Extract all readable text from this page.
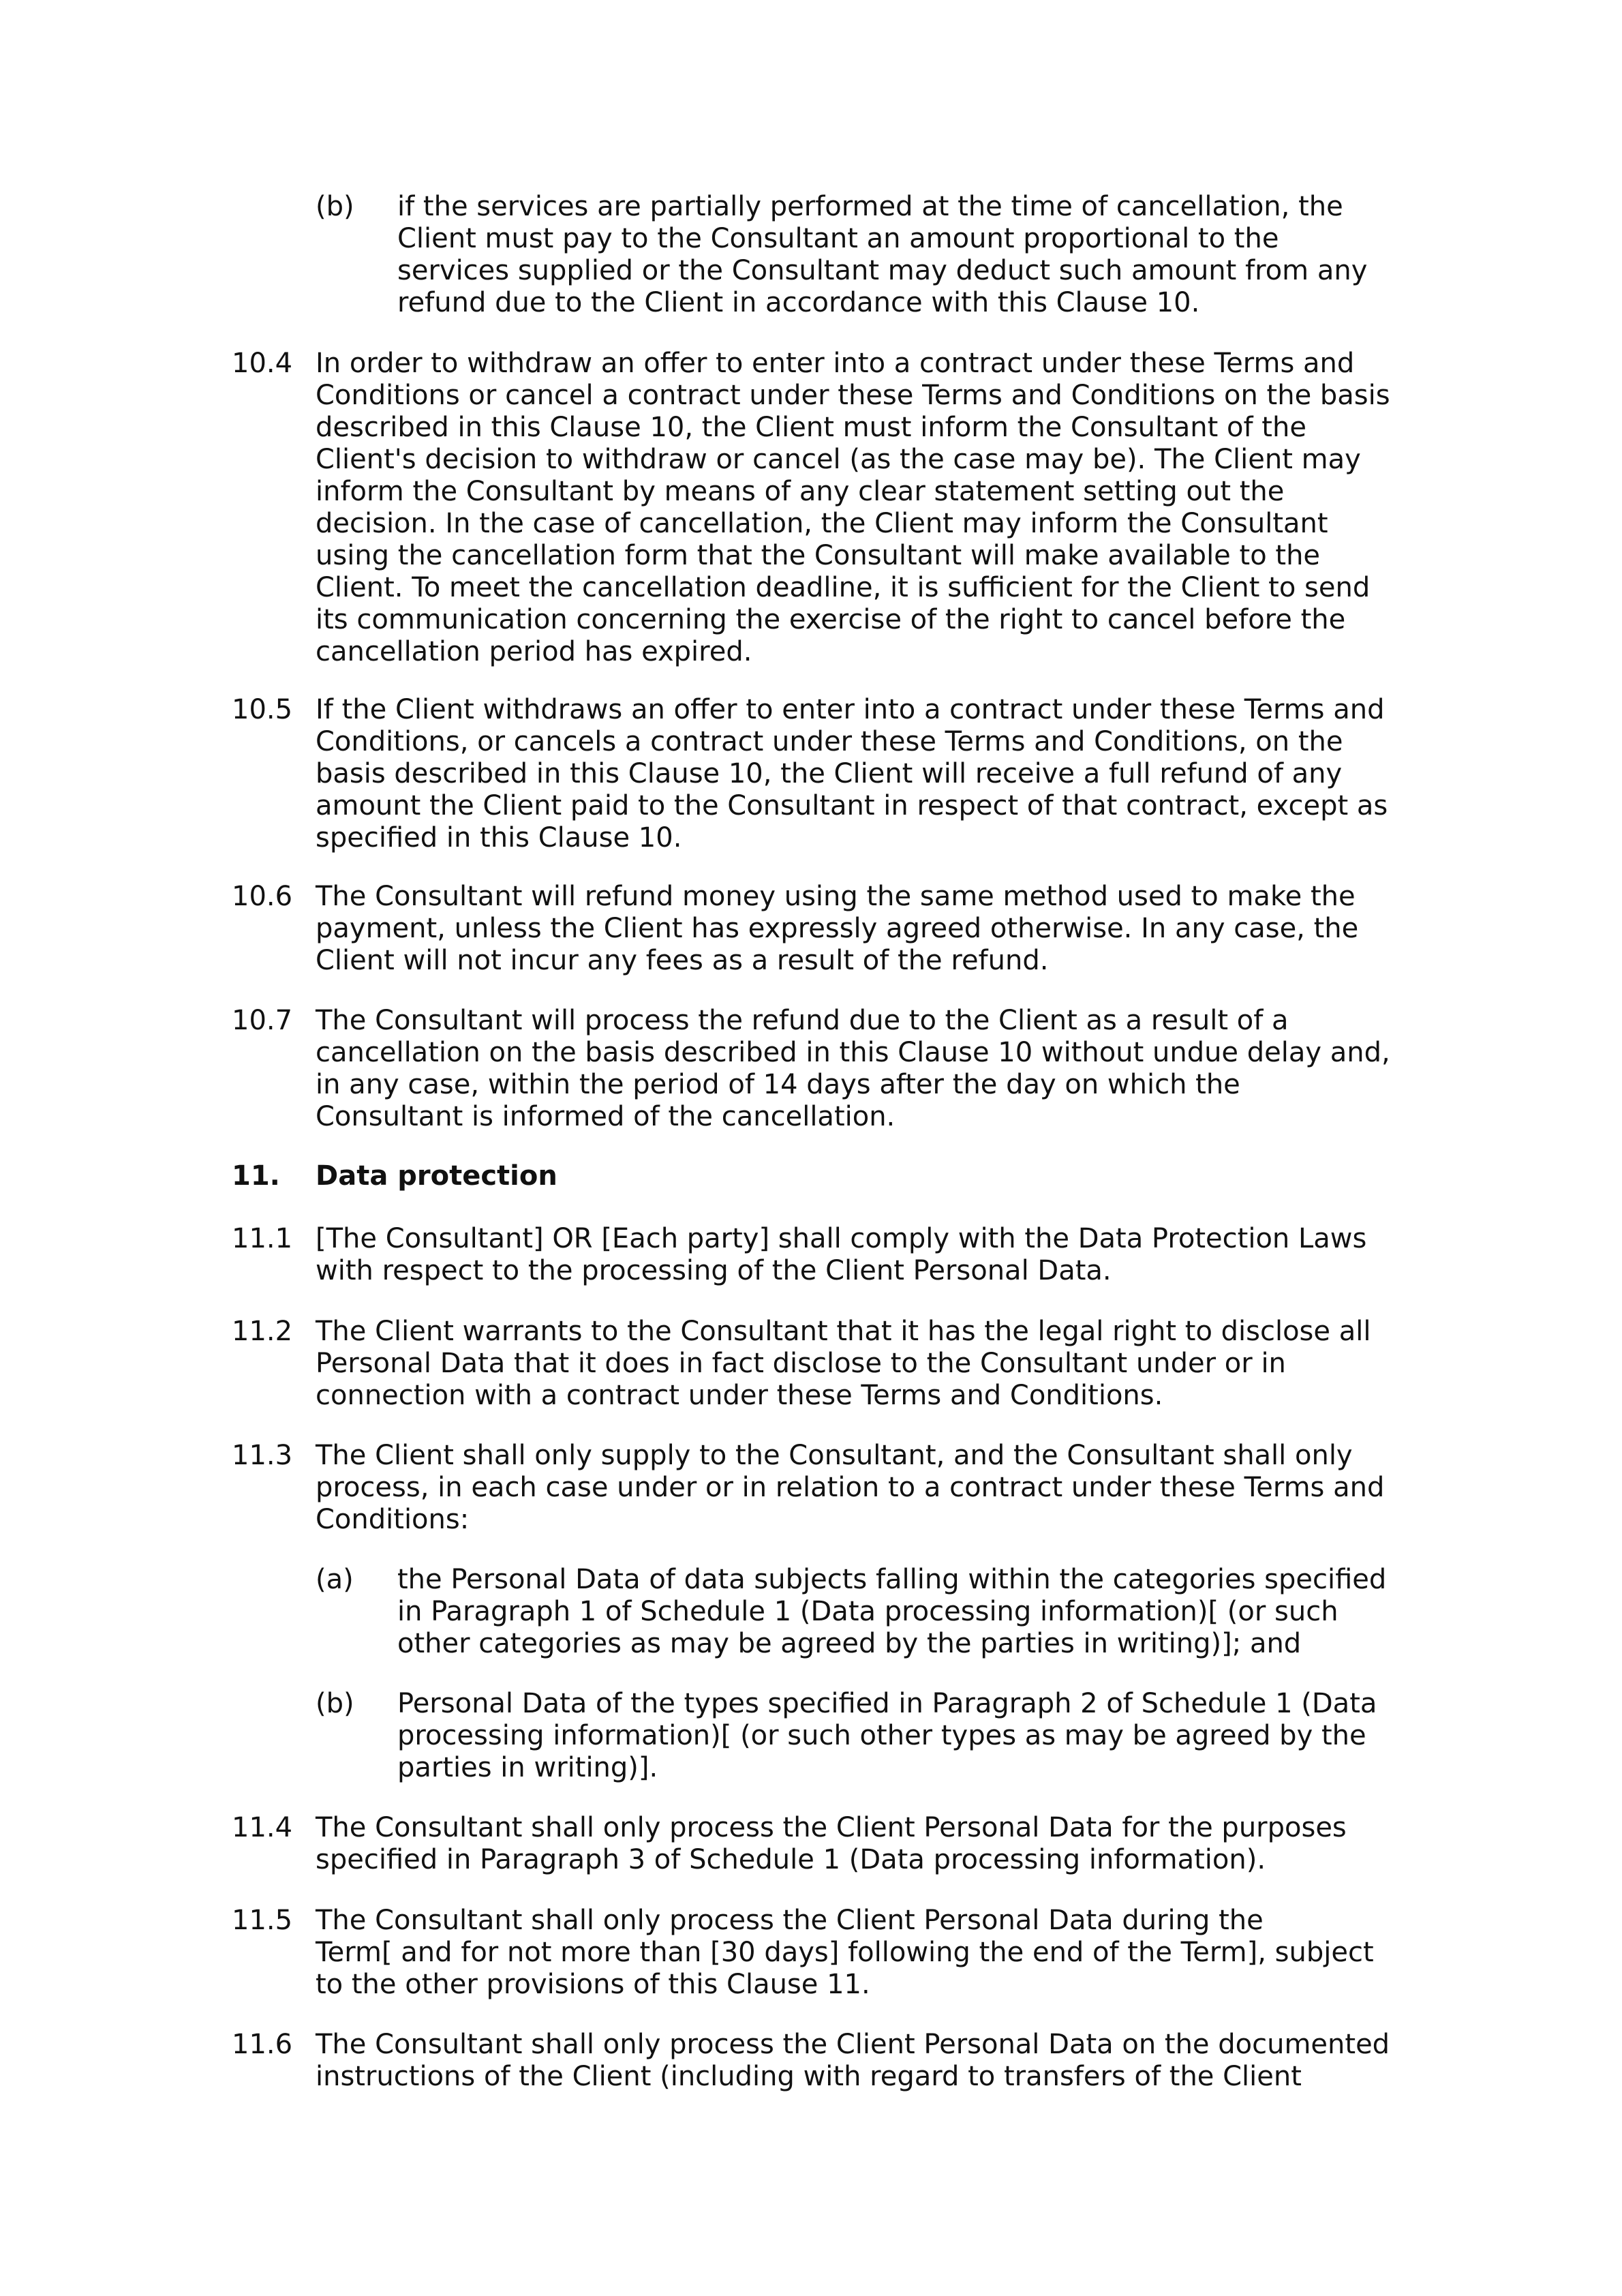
(b) if the services are partially performed at the time of cancellation, the
Client must pay to the Consultant an amount proportional to the
services supplied or the Consultant may deduct such amount from any
refund due to the Client in accordance with this Clause 10.
10.4 In order to withdraw an offer to enter into a contract under these Terms and
Conditions or cancel a contract under these Terms and Conditions on the basis
described in this Clause 10, the Client must inform the Consultant of the
Client's decision to withdraw or cancel (as the case may be). The Client may
inform the Consultant by means of any clear statement setting out the
decision. In the case of cancellation, the Client may inform the Consultant
using the cancellation form that the Consultant will make available to the
Client. To meet the cancellation deadline, it is sufficient for the Client to send
its communication concerning the exercise of the right to cancel before the
cancellation period has expired.
10.5 If the Client withdraws an offer to enter into a contract under these Terms and
Conditions, or cancels a contract under these Terms and Conditions, on the
basis described in this Clause 10, the Client will receive a full refund of any
amount the Client paid to the Consultant in respect of that contract, except as
specified in this Clause 10.
10.6 The Consultant will refund money using the same method used to make the
payment, unless the Client has expressly agreed otherwise. In any case, the
Client will not incur any fees as a result of the refund.
10.7 The Consultant will process the refund due to the Client as a result of a
cancellation on the basis described in this Clause 10 without undue delay and,
in any case, within the period of 14 days after the day on which the
Consultant is informed of the cancellation.
11. Data protection
11.1 [The Consultant] OR [Each party] shall comply with the Data Protection Laws
with respect to the processing of the Client Personal Data.
11.2 The Client warrants to the Consultant that it has the legal right to disclose all
Personal Data that it does in fact disclose to the Consultant under or in
connection with a contract under these Terms and Conditions.
11.3 The Client shall only supply to the Consultant, and the Consultant shall only
process, in each case under or in relation to a contract under these Terms and
Conditions:
(a) the Personal Data of data subjects falling within the categories specified
in Paragraph 1 of Schedule 1 (Data processing information)[ (or such
other categories as may be agreed by the parties in writing)]; and
(b) Personal Data of the types specified in Paragraph 2 of Schedule 1 (Data
processing information)[ (or such other types as may be agreed by the
parties in writing)].
11.4 The Consultant shall only process the Client Personal Data for the purposes
specified in Paragraph 3 of Schedule 1 (Data processing information).
11.5 The Consultant shall only process the Client Personal Data during the
Term[ and for not more than [30 days] following the end of the Term], subject
to the other provisions of this Clause 11.
11.6 The Consultant shall only process the Client Personal Data on the documented
instructions of the Client (including with regard to transfers of the Client
